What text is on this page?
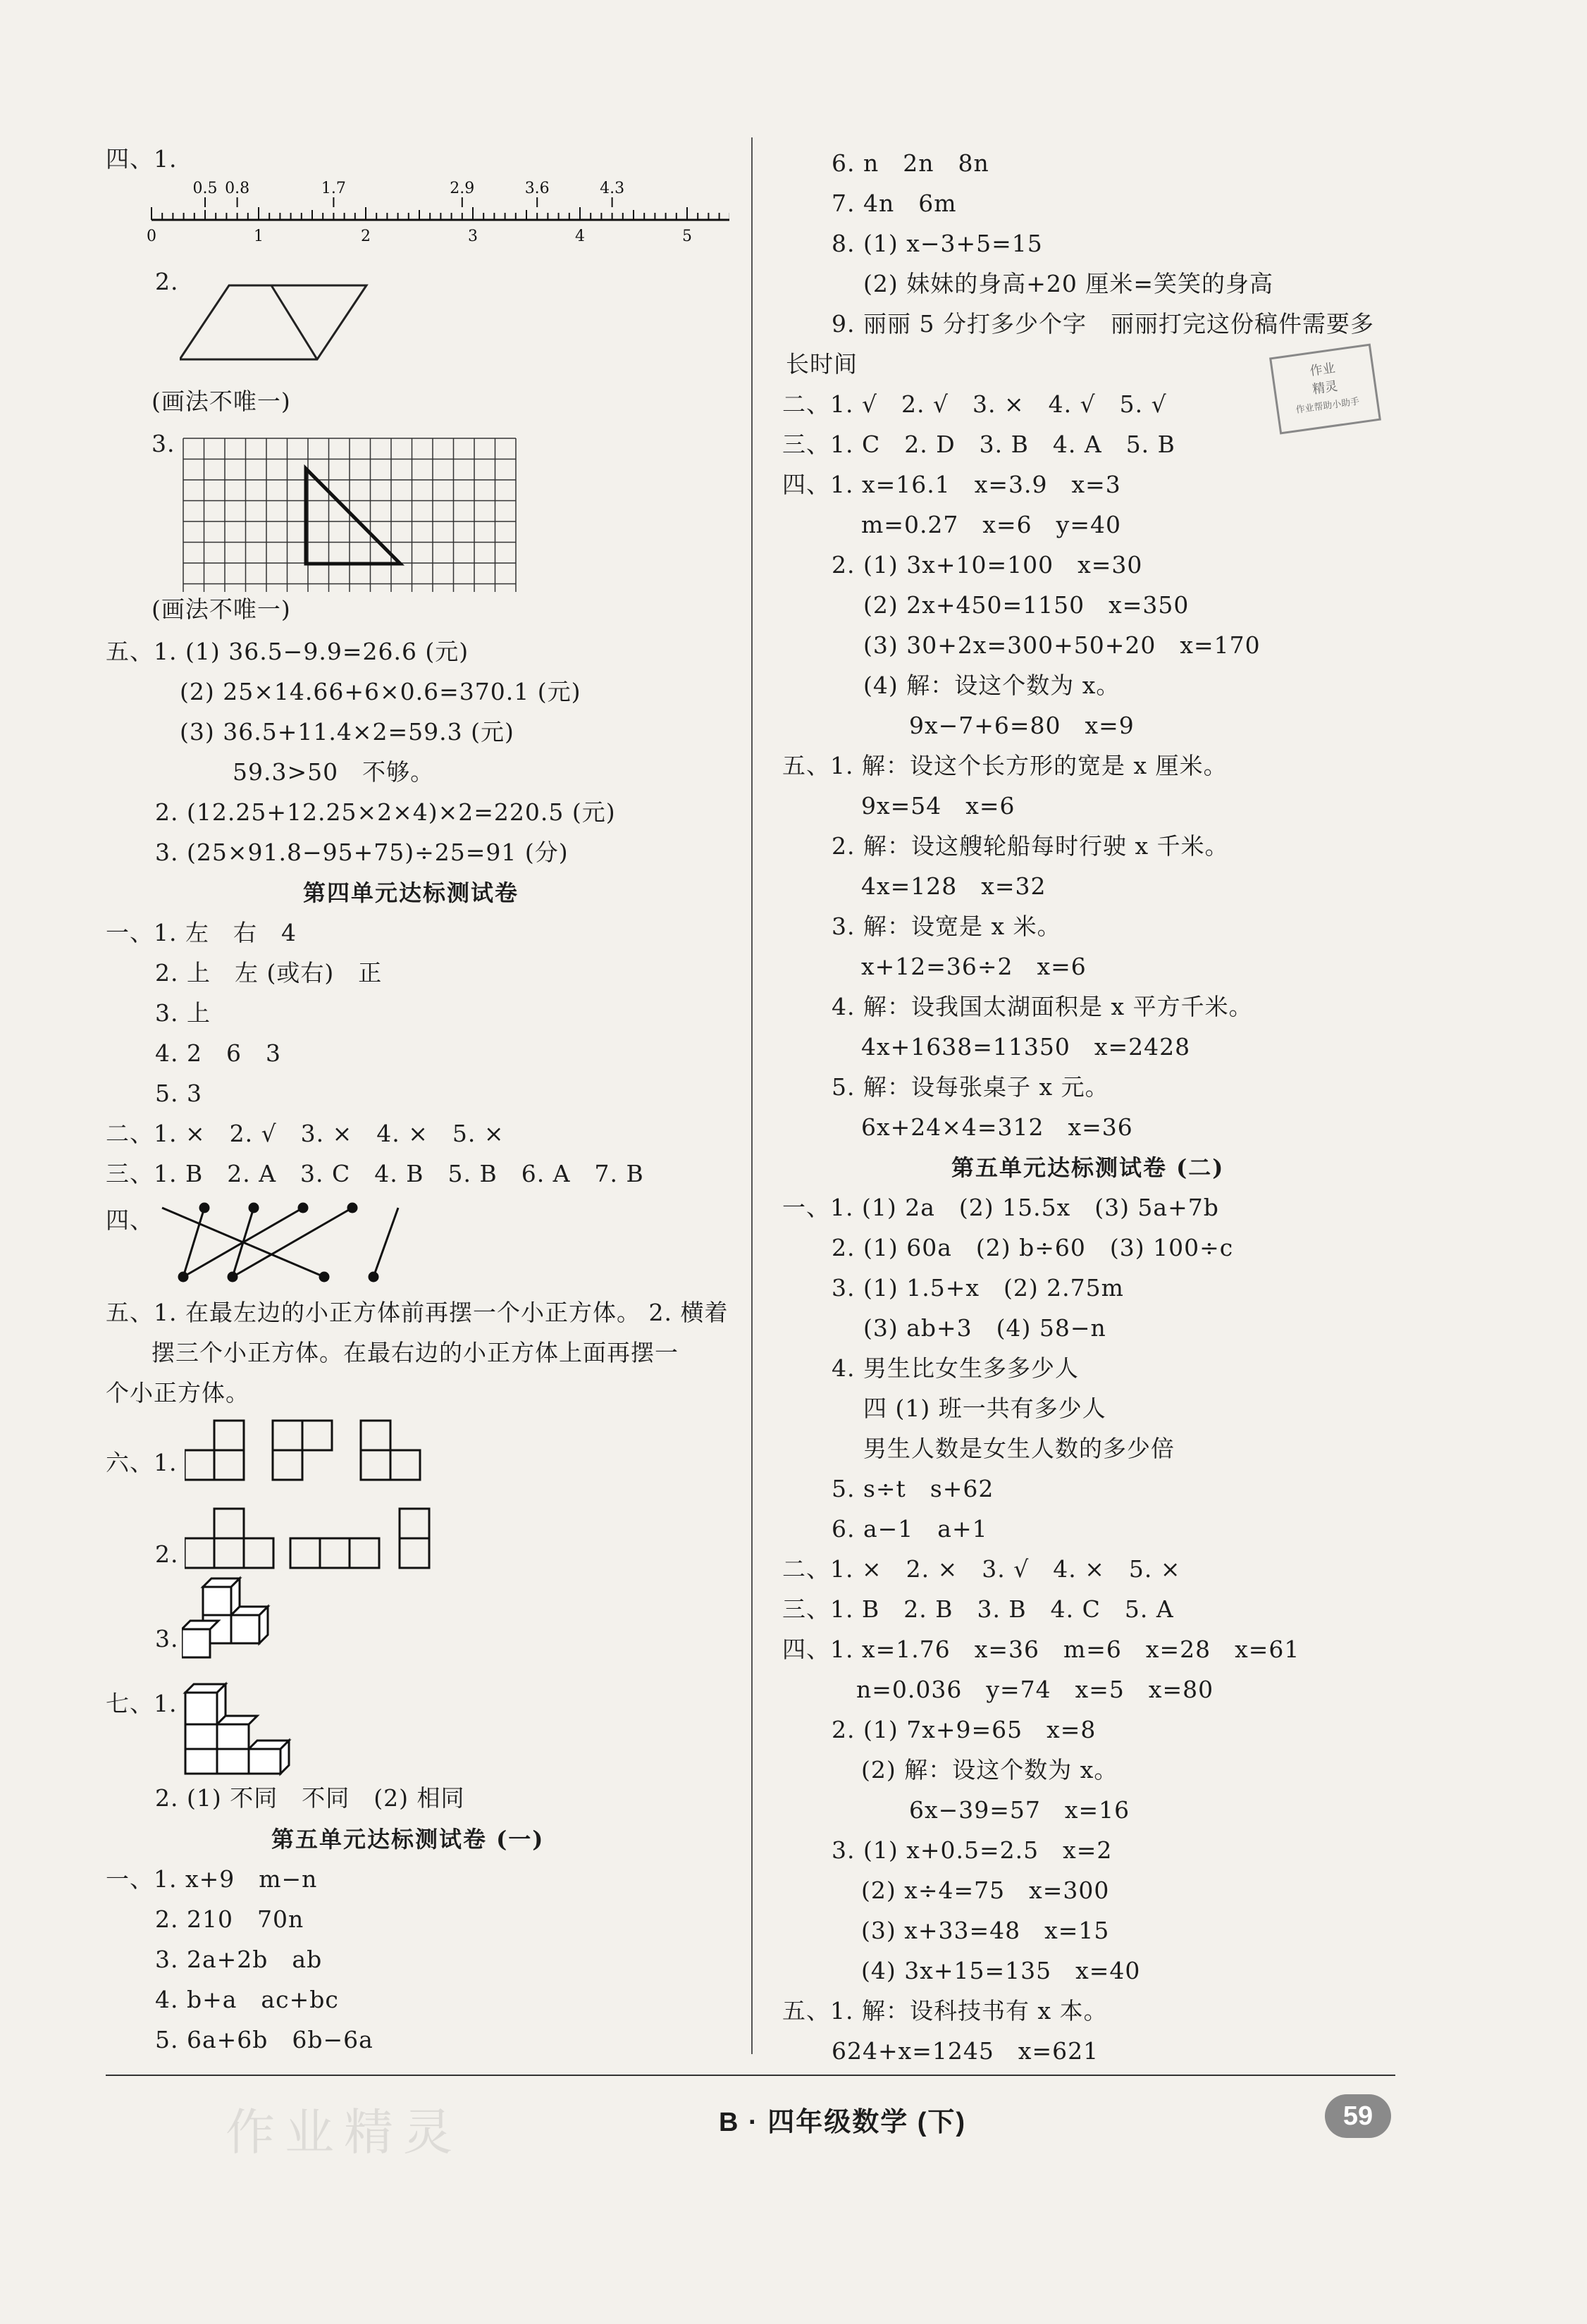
四、1.
0	1	2	3	4	5
0.5 0.8	1.7	2.9	3.6	4.3
2.
(画法不唯一)
3.
(画法不唯一)
五、1. (1) 36.5−9.9=26.6 (元)
(2) 25×14.66+6×0.6=370.1 (元)
(3) 36.5+11.4×2=59.3 (元)
59.3>50　不够。
2. (12.25+12.25×2×4)×2=220.5 (元)
3. (25×91.8−95+75)÷25=91 (分)
第四单元达标测试卷
一、1. 左　右　4
2. 上　左 (或右)　正
3. 上
4. 2　6　3
5. 3
二、1. ×　2. √　3. ×　4. ×　5. ×
三、1. B　2. A　3. C　4. B　5. B　6. A　7. B
四、
五、1. 在最左边的小正方体前再摆一个小正方体。 2. 横着
摆三个小正方体。在最右边的小正方体上面再摆一
个小正方体。
六、1.
2.
3.
七、1.
2. (1) 不同　不同　(2) 相同
第五单元达标测试卷 (一)
一、1. x+9　m−n
2. 210　70n
3. 2a+2b　ab
4. b+a　ac+bc
5. 6a+6b　6b−6a
6. n　2n　8n
7. 4n　6m
8. (1) x−3+5=15
(2) 妹妹的身高+20 厘米=笑笑的身高
9. 丽丽 5 分打多少个字　丽丽打完这份稿件需要多
长时间	作业
精灵
作业帮助小助手
二、1. √　2. √　3. ×　4. √　5. √
三、1. C　2. D　3. B　4. A　5. B
四、1. x=16.1　x=3.9　x=3
m=0.27　x=6　y=40
2. (1) 3x+10=100　x=30
(2) 2x+450=1150　x=350
(3) 30+2x=300+50+20　x=170
(4) 解：设这个数为 x。
9x−7+6=80　x=9
五、1. 解：设这个长方形的宽是 x 厘米。
9x=54　x=6
2. 解：设这艘轮船每时行驶 x 千米。
4x=128　x=32
3. 解：设宽是 x 米。
x+12=36÷2　x=6
4. 解：设我国太湖面积是 x 平方千米。
4x+1638=11350　x=2428
5. 解：设每张桌子 x 元。
6x+24×4=312　x=36
第五单元达标测试卷 (二)
一、1. (1) 2a　(2) 15.5x　(3) 5a+7b
2. (1) 60a　(2) b÷60　(3) 100÷c
3. (1) 1.5+x　(2) 2.75m
(3) ab+3　(4) 58−n
4. 男生比女生多多少人
四 (1) 班一共有多少人
男生人数是女生人数的多少倍
5. s÷t　s+62
6. a−1　a+1
二、1. ×　2. ×　3. √　4. ×　5. ×
三、1. B　2. B　3. B　4. C　5. A
四、1. x=1.76　x=36　m=6　x=28　x=61
n=0.036　y=74　x=5　x=80
2. (1) 7x+9=65　x=8
(2) 解：设这个数为 x。
6x−39=57　x=16
3. (1) x+0.5=2.5　x=2
(2) x÷4=75　x=300
(3) x+33=48　x=15
(4) 3x+15=135　x=40
五、1. 解：设科技书有 x 本。
624+x=1245　x=621
作业精灵	B · 四年级数学 (下)	59
